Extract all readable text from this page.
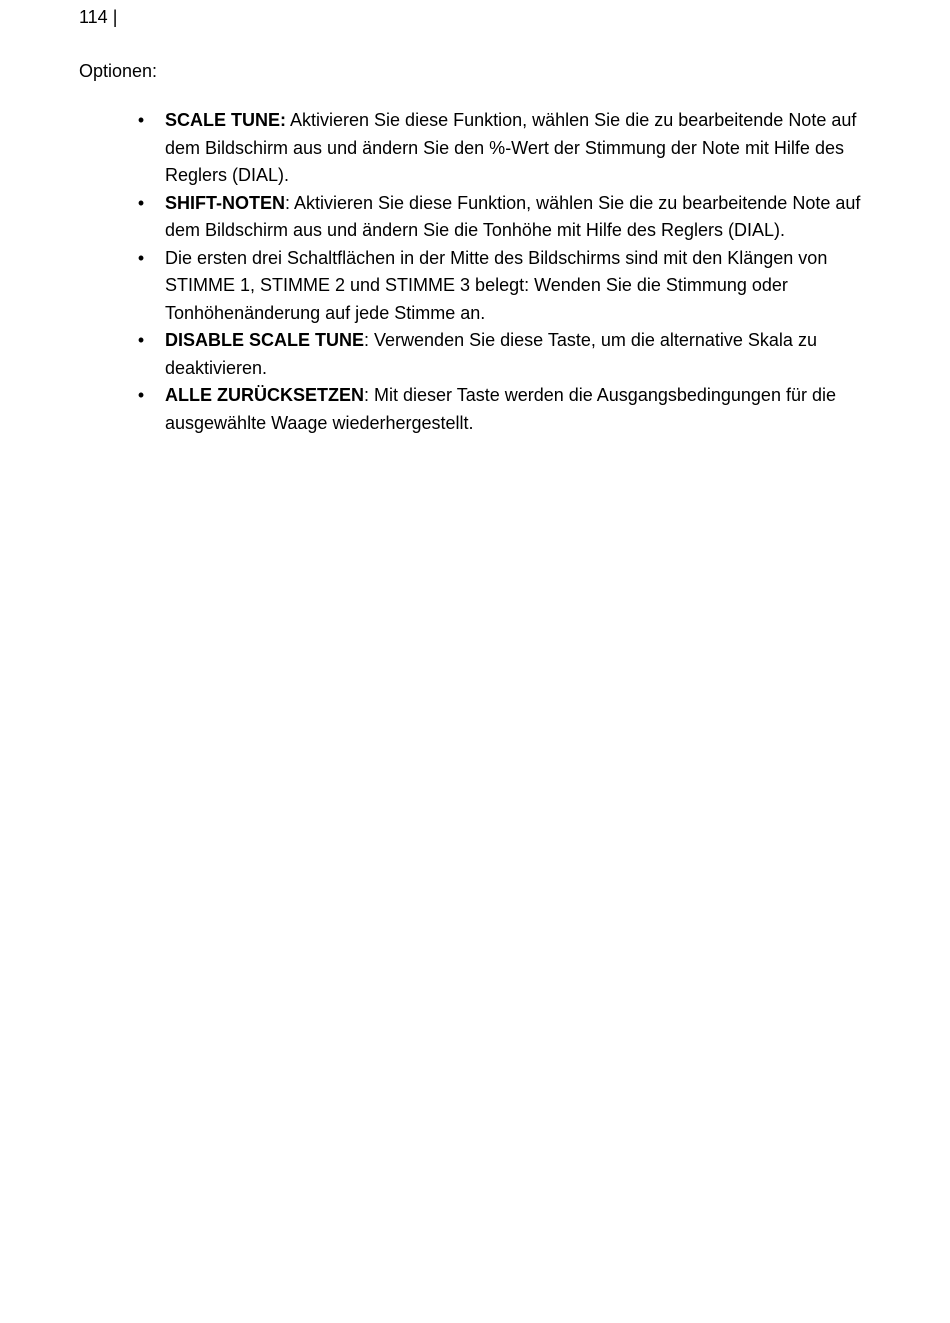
114 |
Optionen:
• SCALE TUNE: Aktivieren Sie diese Funktion, wählen Sie die zu bearbeitende Note auf dem Bildschirm aus und ändern Sie den %-Wert der Stimmung der Note mit Hilfe des Reglers (DIAL).
• SHIFT-NOTEN: Aktivieren Sie diese Funktion, wählen Sie die zu bearbeitende Note auf dem Bildschirm aus und ändern Sie die Tonhöhe mit Hilfe des Reglers (DIAL).
• Die ersten drei Schaltflächen in der Mitte des Bildschirms sind mit den Klängen von STIMME 1, STIMME 2 und STIMME 3 belegt: Wenden Sie die Stimmung oder Tonhöhenänderung auf jede Stimme an.
• DISABLE SCALE TUNE: Verwenden Sie diese Taste, um die alternative Skala zu deaktivieren.
• ALLE ZURÜCKSETZEN: Mit dieser Taste werden die Ausgangsbedingungen für die ausgewählte Waage wiederhergestellt.
